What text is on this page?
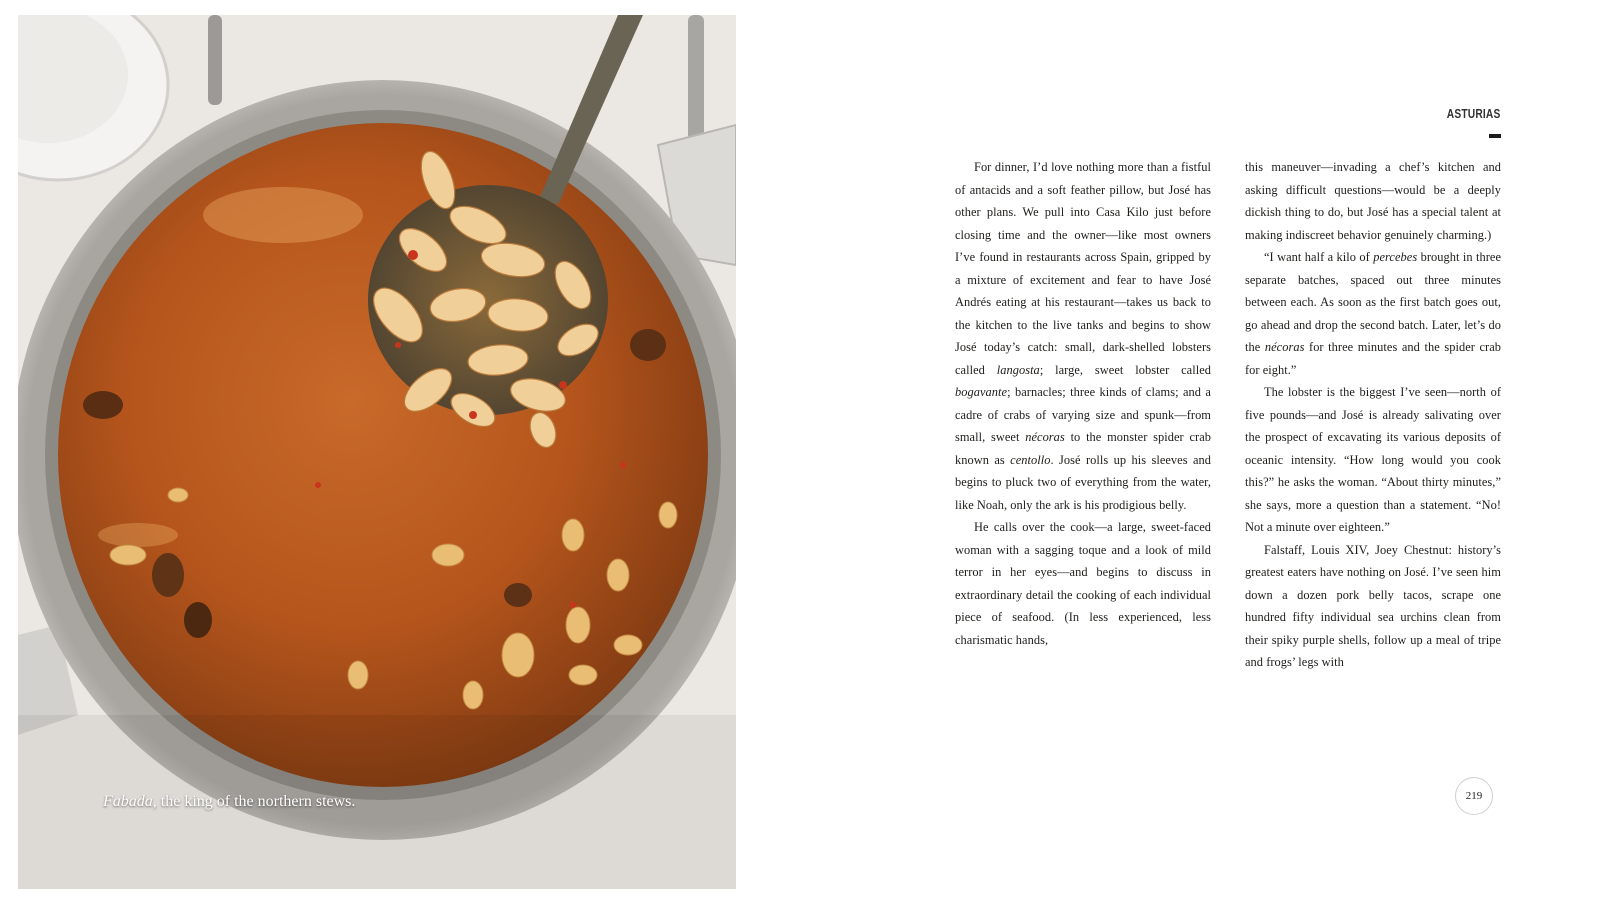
Fabada, the king of the northern stews.
ASTURIAS

For dinner, I’d love nothing more than a fistful of antacids and a soft feather pillow, but José has other plans. We pull into Casa Kilo just before closing time and the owner—like most owners I’ve found in restaurants across Spain, gripped by a mixture of excitement and fear to have José Andrés eating at his restaurant—takes us back to the kitchen to the live tanks and begins to show José today’s catch: small, dark-shelled lobsters called langosta; large, sweet lobster called bogavante; barnacles; three kinds of clams; and a cadre of crabs of varying size and spunk—from small, sweet nécoras to the monster spider crab known as centollo. José rolls up his sleeves and begins to pluck two of everything from the water, like Noah, only the ark is his prodigious belly.

He calls over the cook—a large, sweet-faced woman with a sagging toque and a look of mild terror in her eyes—and begins to discuss in extraordinary detail the cooking of each individual piece of seafood. (In less experienced, less charismatic hands,

this maneuver—invading a chef’s kitchen and asking difficult questions—would be a deeply dickish thing to do, but José has a special talent at making indiscreet behavior genuinely charming.)

“I want half a kilo of percebes brought in three separate batches, spaced out three minutes between each. As soon as the first batch goes out, go ahead and drop the second batch. Later, let’s do the nécoras for three minutes and the spider crab for eight.”

The lobster is the biggest I’ve seen—north of five pounds—and José is already salivating over the prospect of excavating its various deposits of oceanic intensity. “How long would you cook this?” he asks the woman. “About thirty minutes,” she says, more a question than a statement. “No! Not a minute over eighteen.”

Falstaff, Louis XIV, Joey Chestnut: history’s greatest eaters have nothing on José. I’ve seen him down a dozen pork belly tacos, scrape one hundred fifty individual sea urchins clean from their spiky purple shells, follow up a meal of tripe and frogs’ legs with

219
